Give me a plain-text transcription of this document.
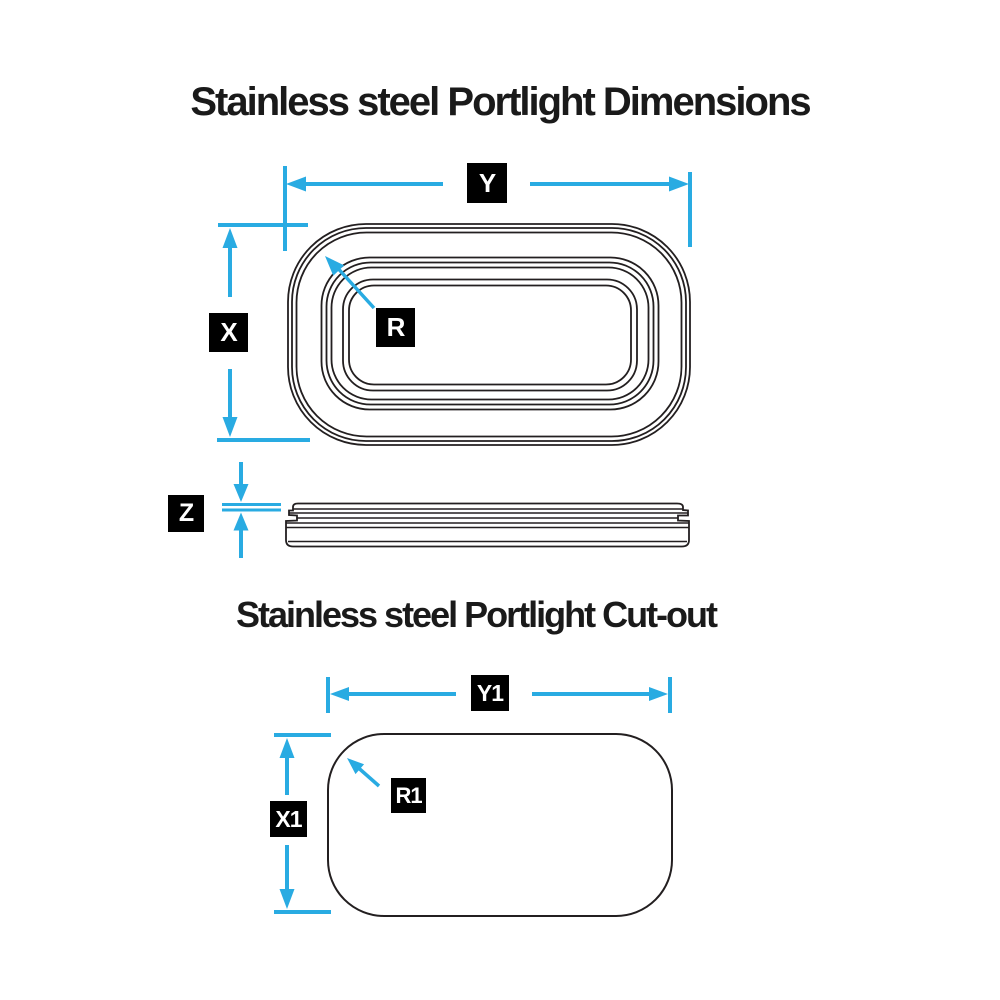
Stainless steel Portlight Dimensions
Stainless steel Portlight Cut-out
Y
X	R
Z
Y1
X1
R1
